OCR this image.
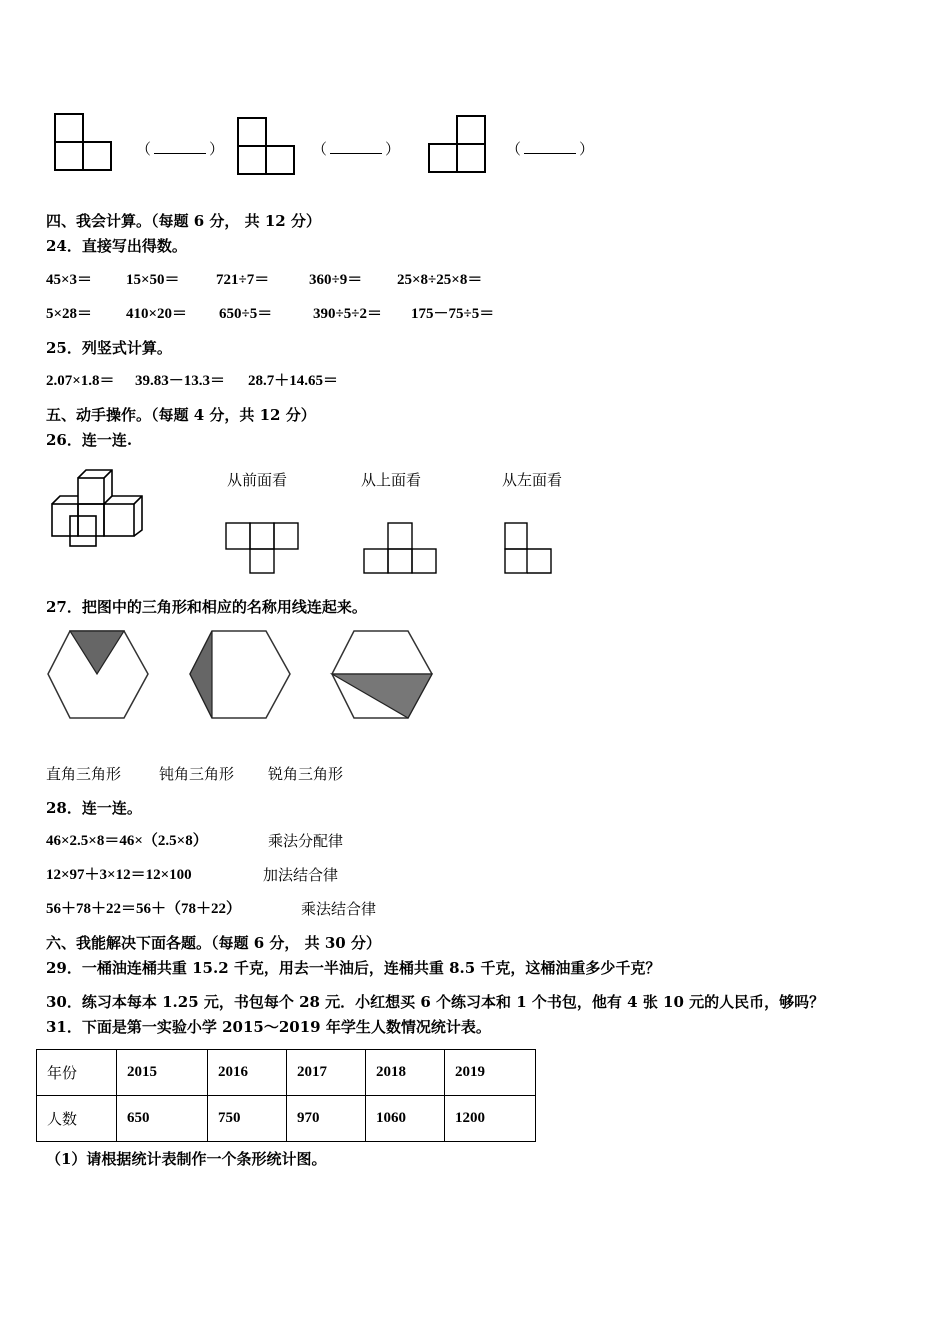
（	）	（	）	（	）
四、我会计算。（每题 6 分， 共 12 分）
24．直接写出得数。
45×3＝ 15×50＝ 721÷7＝	360÷9＝ 25×8÷25×8＝
5×28＝ 410×20＝ 650÷5＝	390÷5÷2＝ 175－75÷5＝
25．列竖式计算。
2.07×1.8＝ 39.83－13.3＝ 28.7＋14.65＝
五、动手操作。（每题 4 分，共 12 分）
26．连一连.
从前面看	从上面看	从左面看
27．把图中的三角形和相应的名称用线连起来。
直角三角形	钝角三角形 锐角三角形
28．连一连。
46×2.5×8＝46×（2.5×8）	乘法分配律
12×97＋3×12＝12×100	加法结合律
56＋78＋22＝56＋（78＋22）	乘法结合律
六、我能解决下面各题。（每题 6 分， 共 30 分）
29．一桶油连桶共重 15.2 千克，用去一半油后，连桶共重 8.5 千克，这桶油重多少千克？
30．练习本每本 1.25 元，书包每个 28 元．小红想买 6 个练习本和 1 个书包，他有 4 张 10 元的人民币，够吗？
31．下面是第一实验小学 2015～2019 年学生人数情况统计表。
年份	2015	2016	2017	2018	2019
人数	650	750	970	1060	1200
（1）请根据统计表制作一个条形统计图。
